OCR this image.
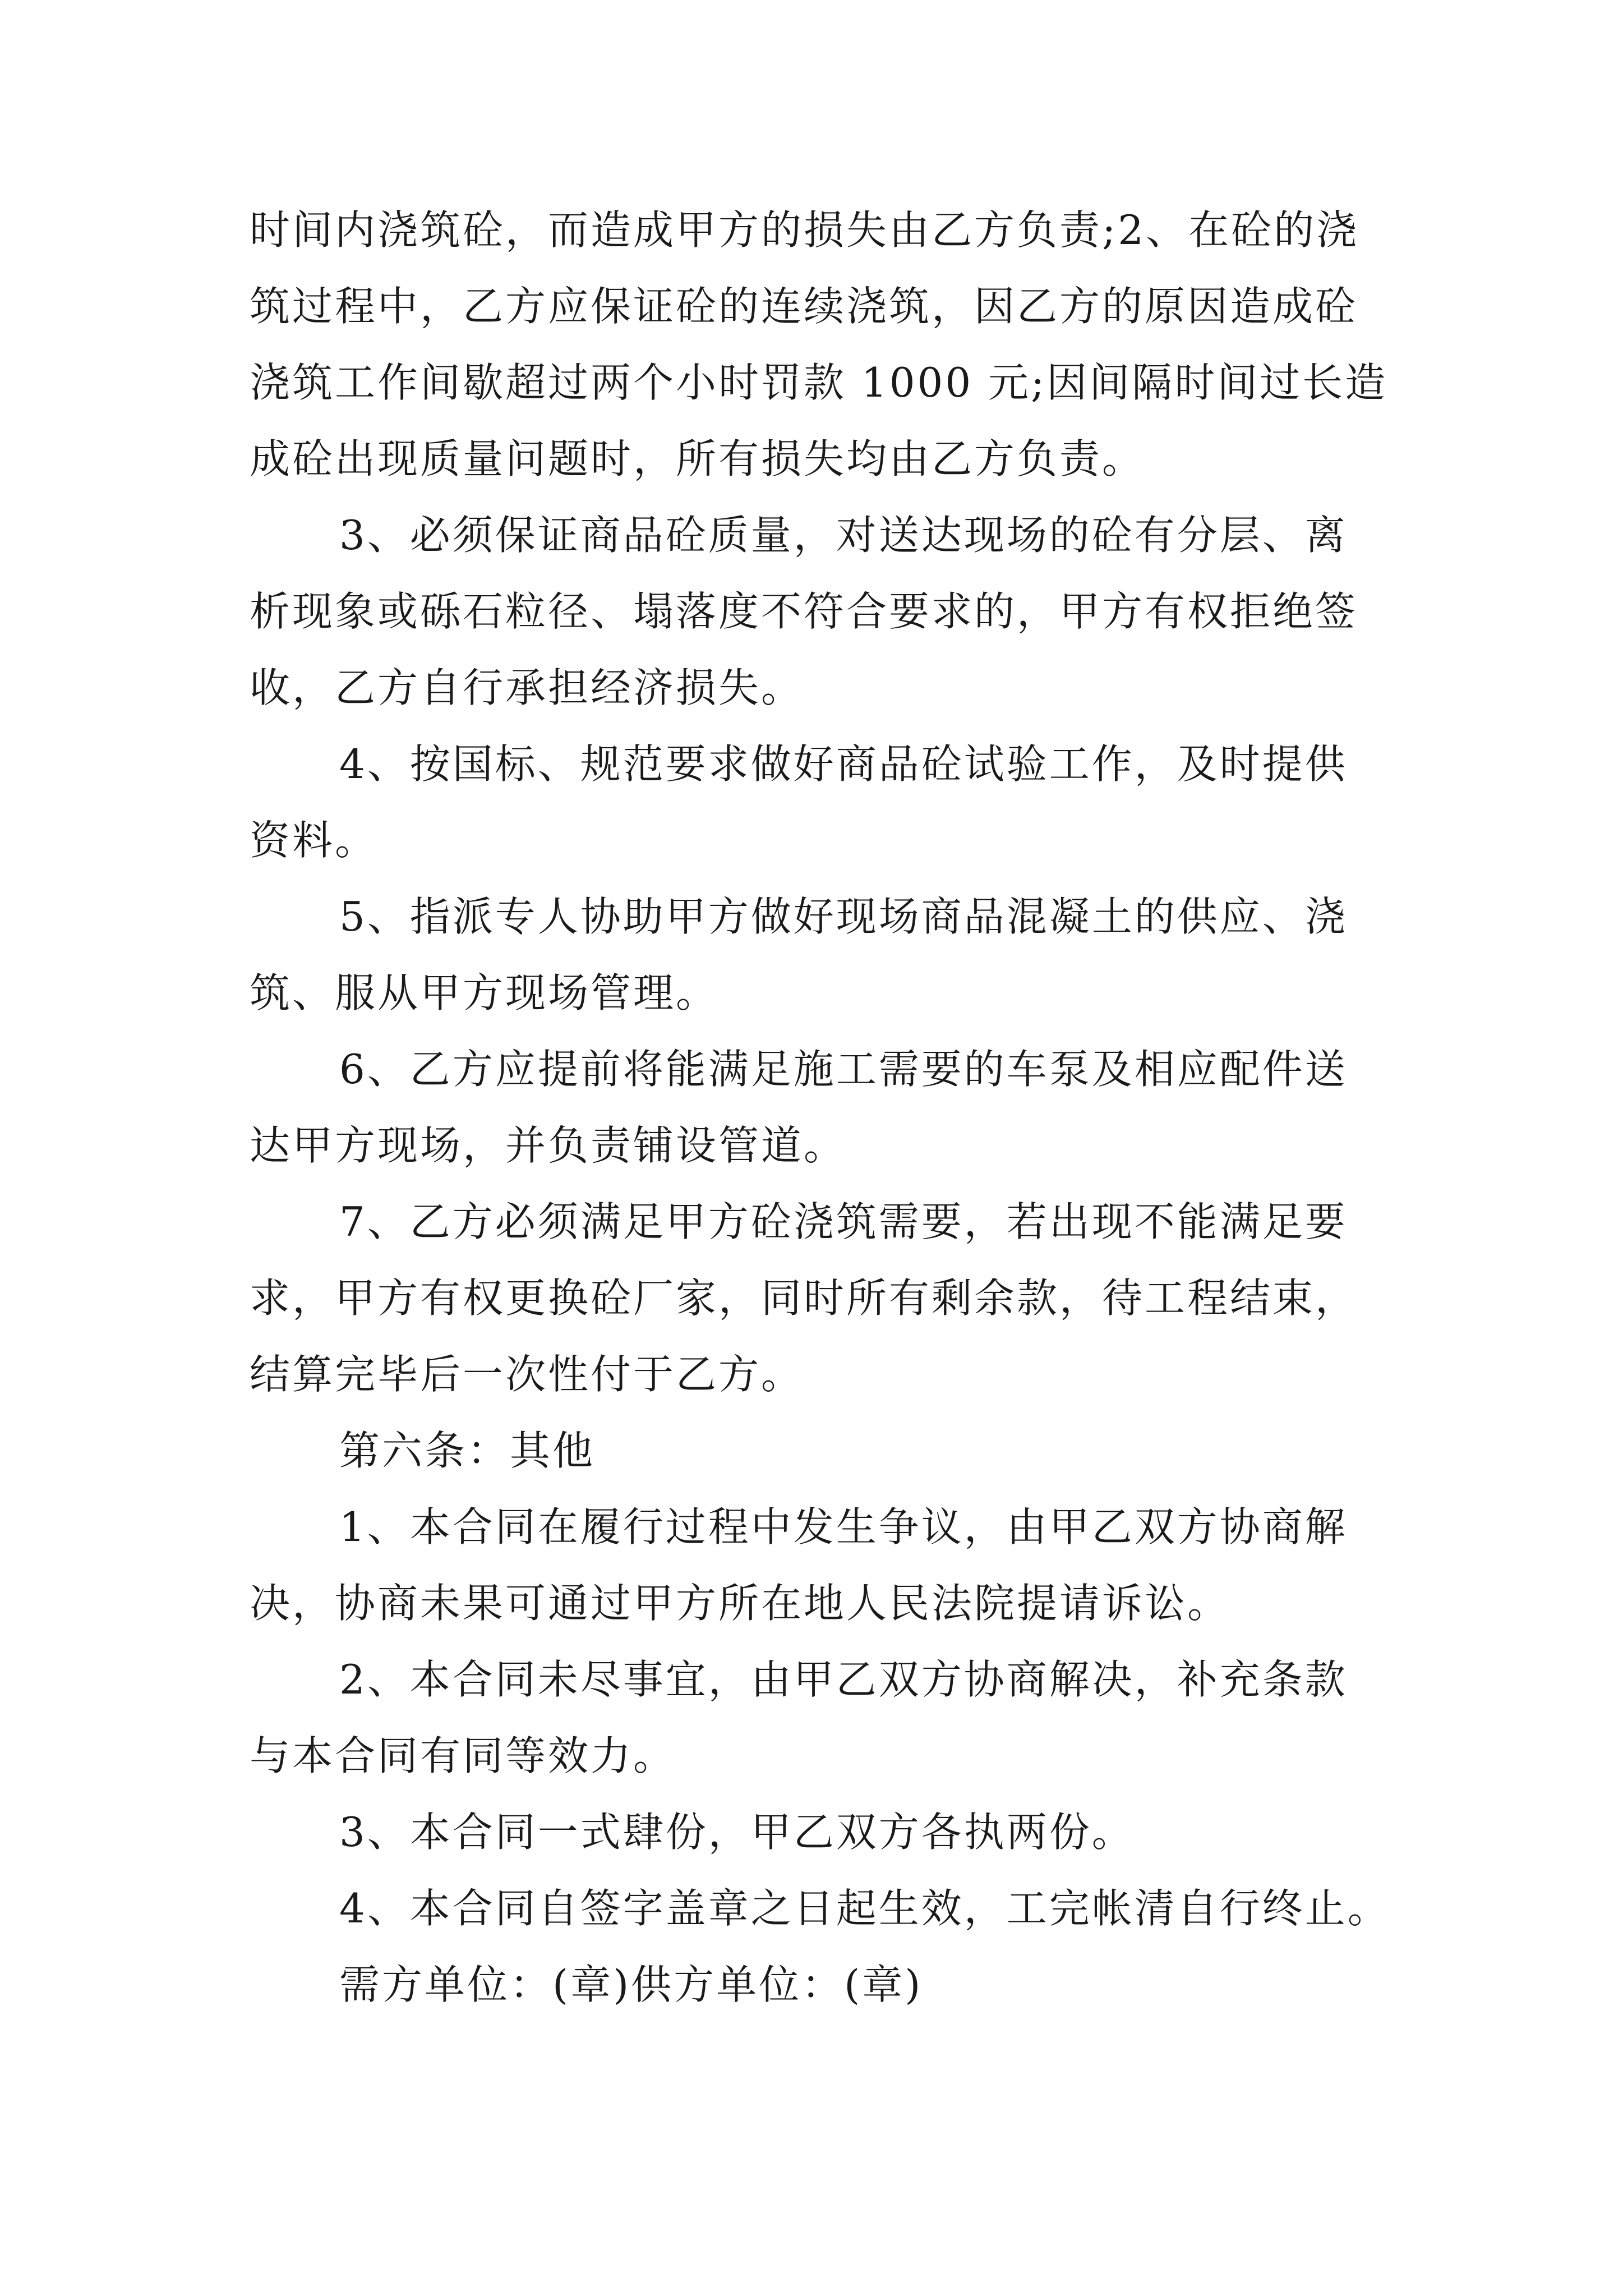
时间内浇筑砼，而造成甲方的损失由乙方负责;2、在砼的浇
筑过程中，乙方应保证砼的连续浇筑，因乙方的原因造成砼
浇筑工作间歇超过两个小时罚款 1000 元;因间隔时间过长造
成砼出现质量问题时，所有损失均由乙方负责。
3、必须保证商品砼质量，对送达现场的砼有分层、离
析现象或砾石粒径、塌落度不符合要求的，甲方有权拒绝签
收，乙方自行承担经济损失。
4、按国标、规范要求做好商品砼试验工作，及时提供
资料。
5、指派专人协助甲方做好现场商品混凝土的供应、浇
筑、服从甲方现场管理。
6、乙方应提前将能满足施工需要的车泵及相应配件送
达甲方现场，并负责铺设管道。
7、乙方必须满足甲方砼浇筑需要，若出现不能满足要
求，甲方有权更换砼厂家，同时所有剩余款，待工程结束，
结算完毕后一次性付于乙方。
第六条：其他
1、本合同在履行过程中发生争议，由甲乙双方协商解
决，协商未果可通过甲方所在地人民法院提请诉讼。
2、本合同未尽事宜，由甲乙双方协商解决，补充条款
与本合同有同等效力。
3、本合同一式肆份，甲乙双方各执两份。
4、本合同自签字盖章之日起生效，工完帐清自行终止。
需方单位：(章)供方单位：(章)
